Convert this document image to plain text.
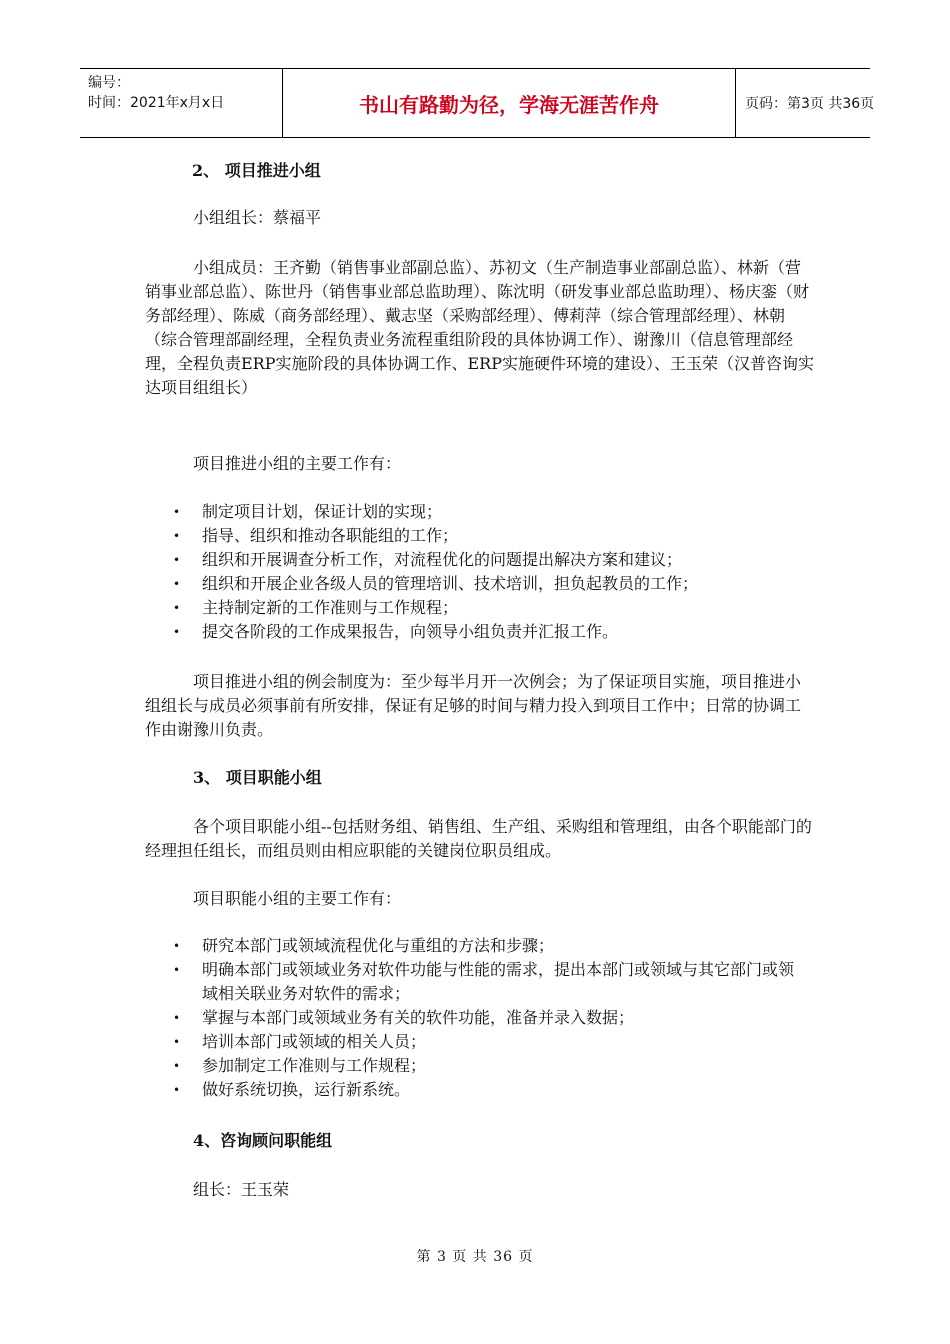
编号：
时间：2021年x月x日	书山有路勤为径，学海无涯苦作舟	页码：第3页 共36页
2、 项目推进小组
小组组长：蔡福平
小组成员：王齐勤（销售事业部副总监）、苏初文（生产制造事业部副总监）、林新（营销事业部总监）、陈世丹（销售事业部总监助理）、陈沈明（研发事业部总监助理）、杨庆銮（财务部经理）、陈威（商务部经理）、戴志坚（采购部经理）、傅莉萍（综合管理部经理）、林朝（综合管理部副经理，全程负责业务流程重组阶段的具体协调工作）、谢豫川（信息管理部经理，全程负责ERP实施阶段的具体协调工作、ERP实施硬件环境的建设）、王玉荣（汉普咨询实达项目组组长）
项目推进小组的主要工作有：
• 制定项目计划，保证计划的实现；
• 指导、组织和推动各职能组的工作；
• 组织和开展调查分析工作，对流程优化的问题提出解决方案和建议；
• 组织和开展企业各级人员的管理培训、技术培训，担负起教员的工作；
• 主持制定新的工作准则与工作规程；
• 提交各阶段的工作成果报告，向领导小组负责并汇报工作。
项目推进小组的例会制度为：至少每半月开一次例会；为了保证项目实施，项目推进小组组长与成员必须事前有所安排，保证有足够的时间与精力投入到项目工作中；日常的协调工作由谢豫川负责。
3、 项目职能小组
各个项目职能小组--包括财务组、销售组、生产组、采购组和管理组，由各个职能部门的经理担任组长，而组员则由相应职能的关键岗位职员组成。
项目职能小组的主要工作有：
• 研究本部门或领域流程优化与重组的方法和步骤；
• 明确本部门或领域业务对软件功能与性能的需求，提出本部门或领域与其它部门或领域相关联业务对软件的需求；
• 掌握与本部门或领域业务有关的软件功能，准备并录入数据；
• 培训本部门或领域的相关人员；
• 参加制定工作准则与工作规程；
• 做好系统切换，运行新系统。
4、咨询顾问职能组
组长：王玉荣
第 3 页 共 36 页
